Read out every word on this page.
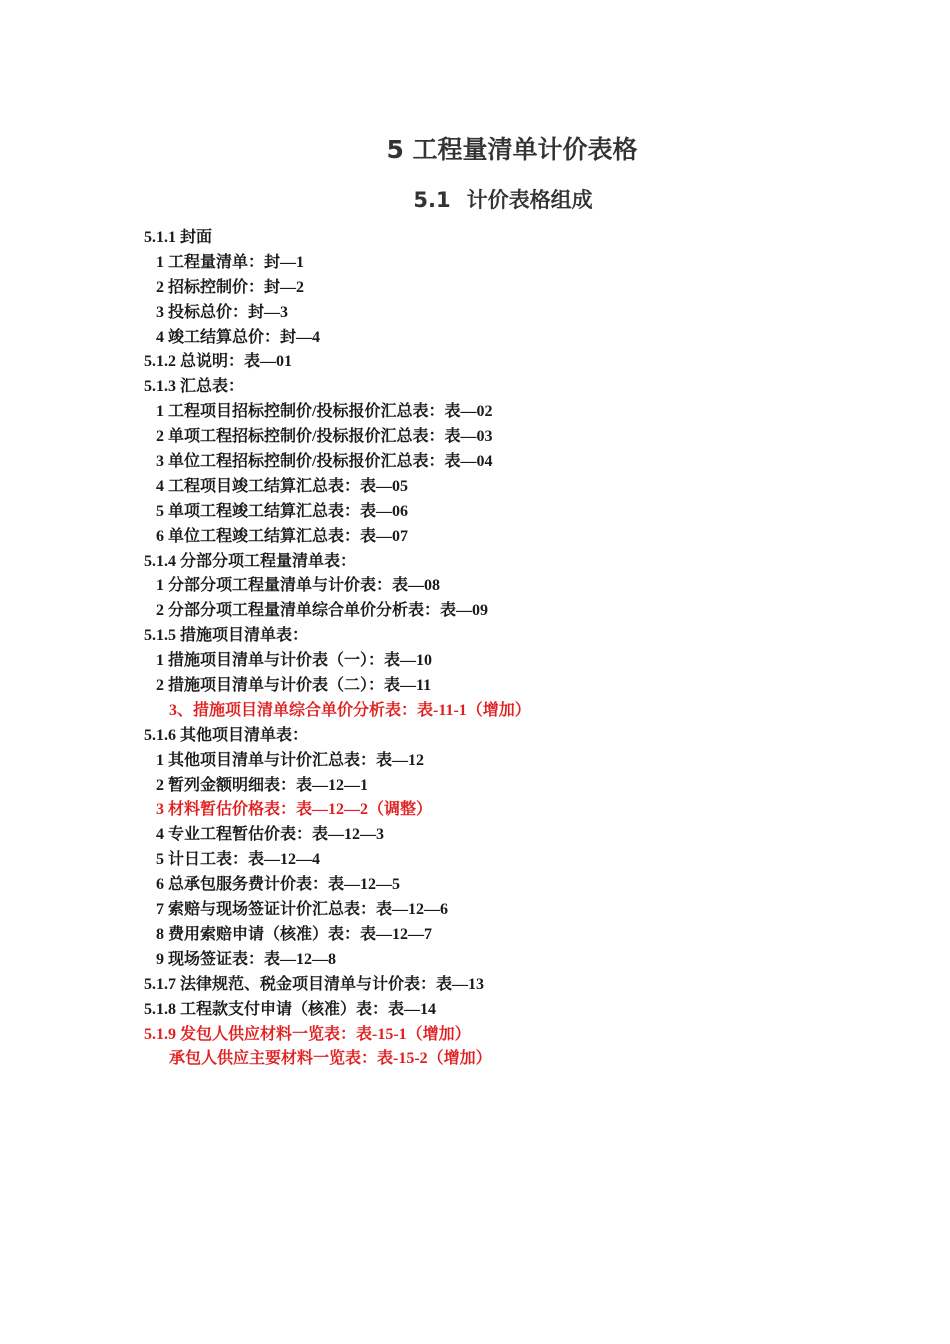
5 工程量清单计价表格
5.1 计价表格组成
5.1.1 封面
1 工程量清单：封—1
2 招标控制价：封—2
3 投标总价：封—3
4 竣工结算总价：封—4
5.1.2 总说明：表—01
5.1.3 汇总表：
1 工程项目招标控制价/投标报价汇总表：表—02
2 单项工程招标控制价/投标报价汇总表：表—03
3 单位工程招标控制价/投标报价汇总表：表—04
4 工程项目竣工结算汇总表：表—05
5 单项工程竣工结算汇总表：表—06
6 单位工程竣工结算汇总表：表—07
5.1.4 分部分项工程量清单表：
1 分部分项工程量清单与计价表：表—08
2 分部分项工程量清单综合单价分析表：表—09
5.1.5 措施项目清单表：
1 措施项目清单与计价表（一）：表—10
2 措施项目清单与计价表（二）：表—11
3、措施项目清单综合单价分析表：表-11-1（增加）
5.1.6 其他项目清单表：
1 其他项目清单与计价汇总表：表—12
2 暂列金额明细表：表—12—1
3 材料暂估价格表：表—12—2（调整）
4 专业工程暂估价表：表—12—3
5 计日工表：表—12—4
6 总承包服务费计价表：表—12—5
7 索赔与现场签证计价汇总表：表—12—6
8 费用索赔申请（核准）表：表—12—7
9 现场签证表：表—12—8
5.1.7 法律规范、税金项目清单与计价表：表—13
5.1.8 工程款支付申请（核准）表：表—14
5.1.9 发包人供应材料一览表：表-15-1（增加）
承包人供应主要材料一览表：表-15-2（增加）
